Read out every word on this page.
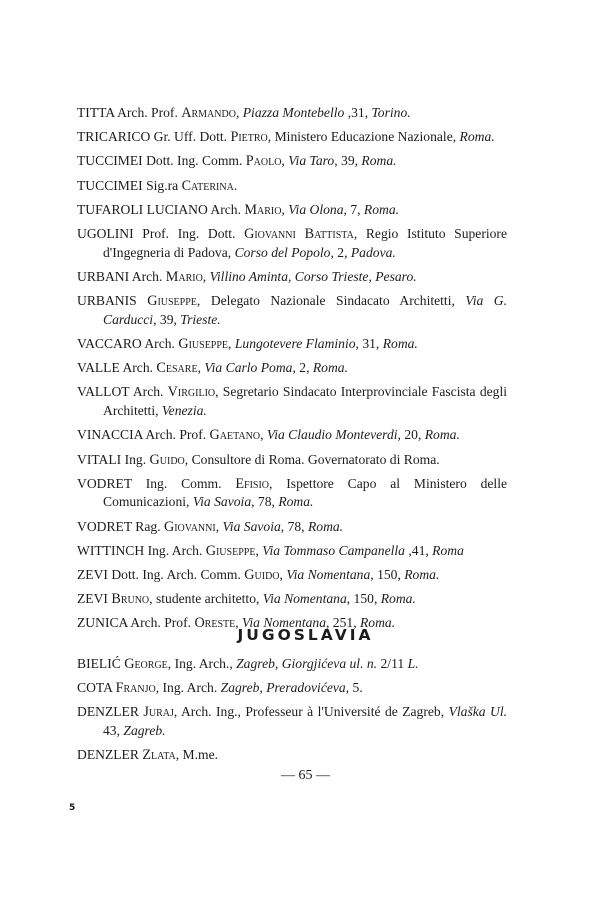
TITTA Arch. Prof. Armando, Piazza Montebello ,31, Torino.

TRICARICO Gr. Uff. Dott. Pietro, Ministero Educazione Nazionale, Roma.

TUCCIMEI Dott. Ing. Comm. Paolo, Via Taro, 39, Roma.

TUCCIMEI Sig.ra Caterina.

TUFAROLI LUCIANO Arch. Mario, Via Olona, 7, Roma.

UGOLINI Prof. Ing. Dott. Giovanni Battista, Regio Istituto Superiore d'Ingegneria di Padova, Corso del Popolo, 2, Padova.

URBANI Arch. Mario, Villino Aminta, Corso Trieste, Pesaro.

URBANIS Giuseppe, Delegato Nazionale Sindacato Architetti, Via G. Carducci, 39, Trieste.

VACCARO Arch. Giuseppe, Lungotevere Flaminio, 31, Roma.

VALLE Arch. Cesare, Via Carlo Poma, 2, Roma.

VALLOT Arch. Virgilio, Segretario Sindacato Interprovinciale Fascista degli Architetti, Venezia.

VINACCIA Arch. Prof. Gaetano, Via Claudio Monteverdi, 20, Roma.

VITALI Ing. Guido, Consultore di Roma. Governatorato di Roma.

VODRET Ing. Comm. Efisio, Ispettore Capo al Ministero delle Comunicazioni, Via Savoia, 78, Roma.

VODRET Rag. Giovanni, Via Savoia, 78, Roma.

WITTINCH Ing. Arch. Giuseppe, Via Tommaso Campanella ,41, Roma

ZEVI Dott. Ing. Arch. Comm. Guido, Via Nomentana, 150, Roma.

ZEVI Bruno, studente architetto, Via Nomentana, 150, Roma.

ZUNICA Arch. Prof. Oreste, Via Nomentana, 251, Roma.

JUGOSLAVIA

BIELIĆ George, Ing. Arch., Zagreb, Giorgjićeva ul. n. 2/11 L.

COTA Franjo, Ing. Arch. Zagreb, Preradovićeva, 5.

DENZLER Juraj, Arch. Ing., Professeur à l'Université de Zagreb, Vlaška Ul. 43, Zagreb.

DENZLER Zlata, M.me.

— 65 —
5
